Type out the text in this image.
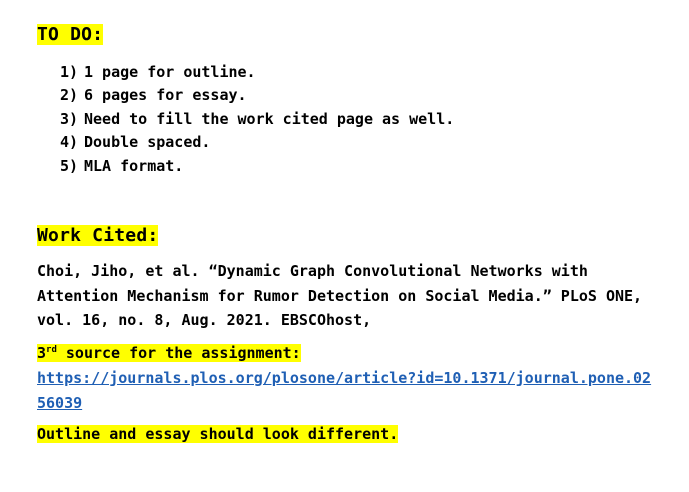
TO DO:
1) 1 page for outline.
2) 6 pages for essay.
3) Need to fill the work cited page as well.
4) Double spaced.
5) MLA format.
Work Cited:
Choi, Jiho, et al. “Dynamic Graph Convolutional Networks with Attention Mechanism for Rumor Detection on Social Media.” PLoS ONE, vol. 16, no. 8, Aug. 2021. EBSCOhost,
3rd source for the assignment:
https://journals.plos.org/plosone/article?id=10.1371/journal.pone.0256039
Outline and essay should look different.
